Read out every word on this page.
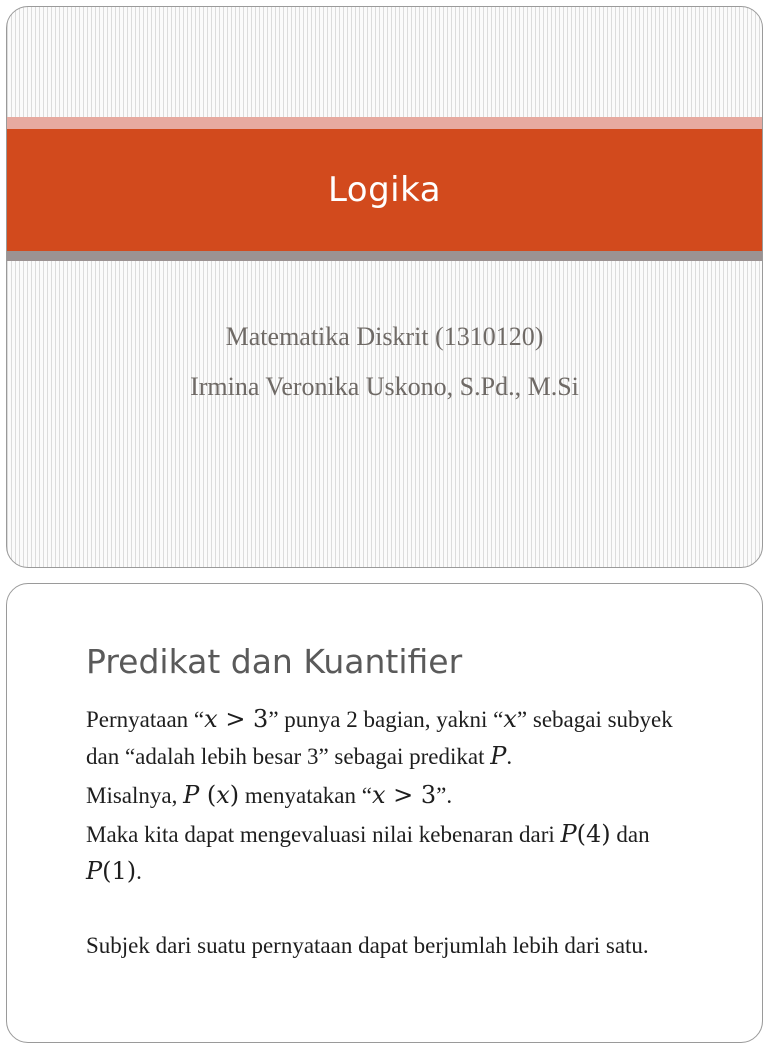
Logika
Matematika Diskrit (1310120)
Irmina Veronika Uskono, S.Pd., M.Si
Predikat dan Kuantifier

Pernyataan “𝑥 > 3” punya 2 bagian, yakni “𝑥” sebagai subyek dan “adalah lebih besar 3” sebagai predikat 𝑃.

Misalnya, 𝑃 (𝑥) menyatakan “𝑥 > 3”.

Maka kita dapat mengevaluasi nilai kebenaran dari 𝑃(4) dan 𝑃(1).

Subjek dari suatu pernyataan dapat berjumlah lebih dari satu.
